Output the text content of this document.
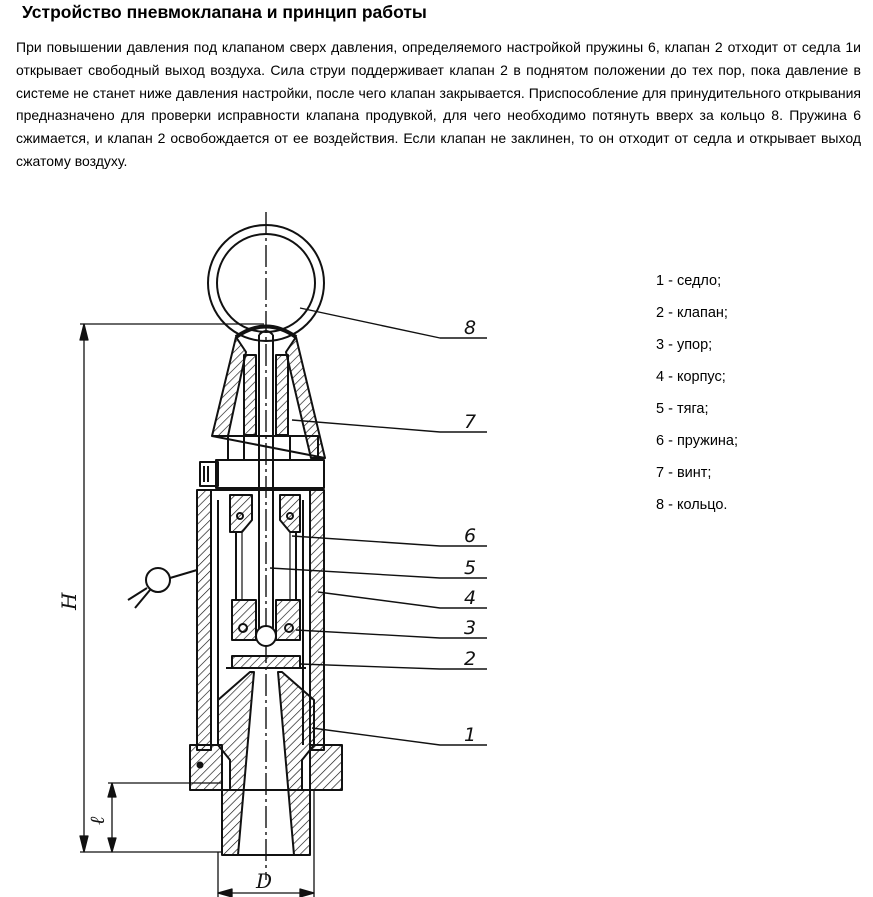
Устройство пневмоклапана и принцип работы

При повышении давления под клапаном сверх давления, определяемого настройкой пружины 6, клапан 2 отходит от седла 1и открывает свободный выход воздуха. Сила струи поддерживает клапан 2 в поднятом положении до тех пор, пока давление в системе не станет ниже давления настройки, после чего клапан закрывается. Приспособление для принудительного открывания предназначено для проверки исправности клапана продувкой, для чего необходимо потянуть вверх за кольцо 8. Пружина 6 сжимается, и клапан 2 освобождается от ее воздействия. Если клапан не заклинен, то он отходит от седла и открывает выход сжатому воздуху.

1 - седло;
2 - клапан;
3 - упор;
4 - корпус;
5 - тяга;
6 - пружина;
7 - винт;
8 - кольцо.
8
7
6
5
4
3
2
1
H
ℓ
D
